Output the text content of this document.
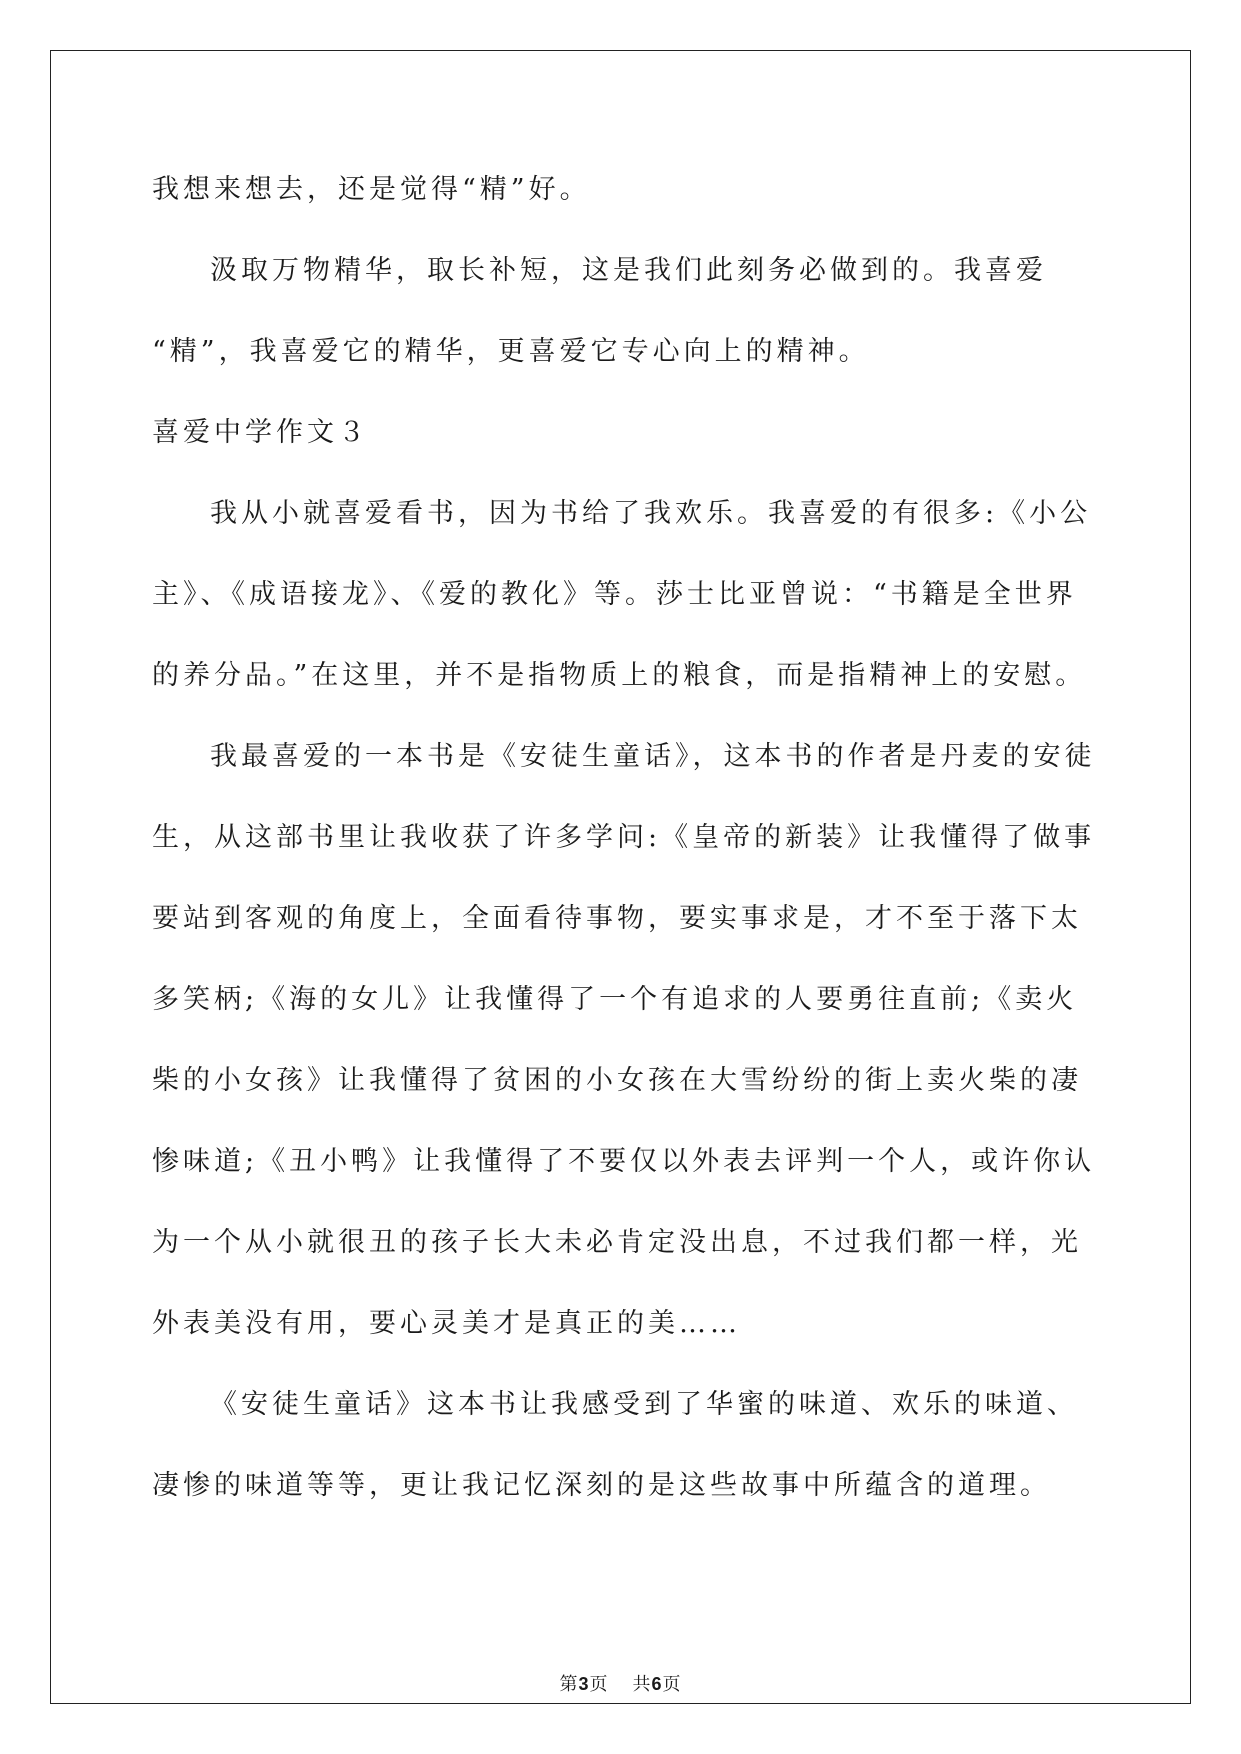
我想来想去，还是觉得“精”好。
汲取万物精华，取长补短，这是我们此刻务必做到的。我喜爱
“精”，我喜爱它的精华，更喜爱它专心向上的精神。
喜爱中学作文３
我从小就喜爱看书，因为书给了我欢乐。我喜爱的有很多:《小公
主》、《成语接龙》、《爱的教化》等。莎士比亚曾说：“书籍是全世界
的养分品。”在这里，并不是指物质上的粮食，而是指精神上的安慰。
我最喜爱的一本书是《安徒生童话》，这本书的作者是丹麦的安徒
生，从这部书里让我收获了许多学问:《皇帝的新装》让我懂得了做事
要站到客观的角度上，全面看待事物，要实事求是，才不至于落下太
多笑柄;《海的女儿》让我懂得了一个有追求的人要勇往直前;《卖火
柴的小女孩》让我懂得了贫困的小女孩在大雪纷纷的街上卖火柴的凄
惨味道;《丑小鸭》让我懂得了不要仅以外表去评判一个人，或许你认
为一个从小就很丑的孩子长大未必肯定没出息，不过我们都一样，光
外表美没有用，要心灵美才是真正的美……
《安徒生童话》这本书让我感受到了华蜜的味道、欢乐的味道、
凄惨的味道等等，更让我记忆深刻的是这些故事中所蕴含的道理。
第3页 共6页
